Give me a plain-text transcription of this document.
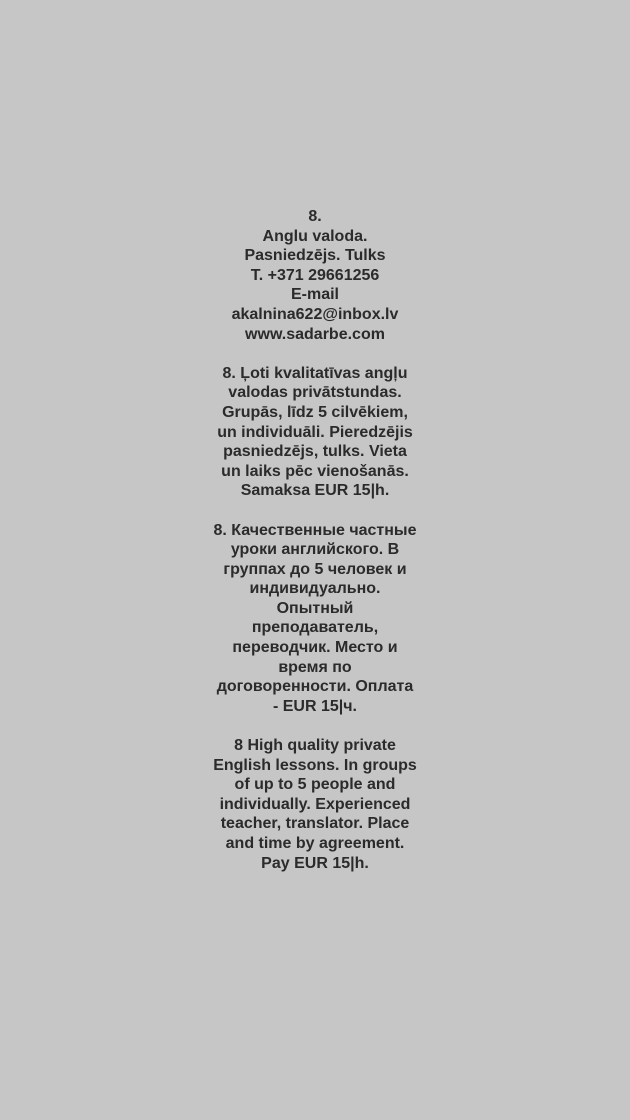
8.
Anglu valoda.
Pasniedzējs. Tulks
T. +371 29661256
E-mail
akalnina622@inbox.lv
www.sadarbe.com

8. Ļoti kvalitatīvas angļu valodas privātstundas. Grupās, līdz 5 cilvēkiem, un individuāli. Pieredzējis pasniedzējs, tulks. Vieta un laiks pēc vienošanās. Samaksa EUR 15|h.

8. Качественные частные уроки английского. В группах до 5 человек и индивидуально. Опытный преподаватель, переводчик. Место и время по договоренности. Оплата - EUR 15|ч.

8 High quality private English lessons. In groups of up to 5 people and individually. Experienced teacher, translator. Place and time by agreement. Pay EUR 15|h.
